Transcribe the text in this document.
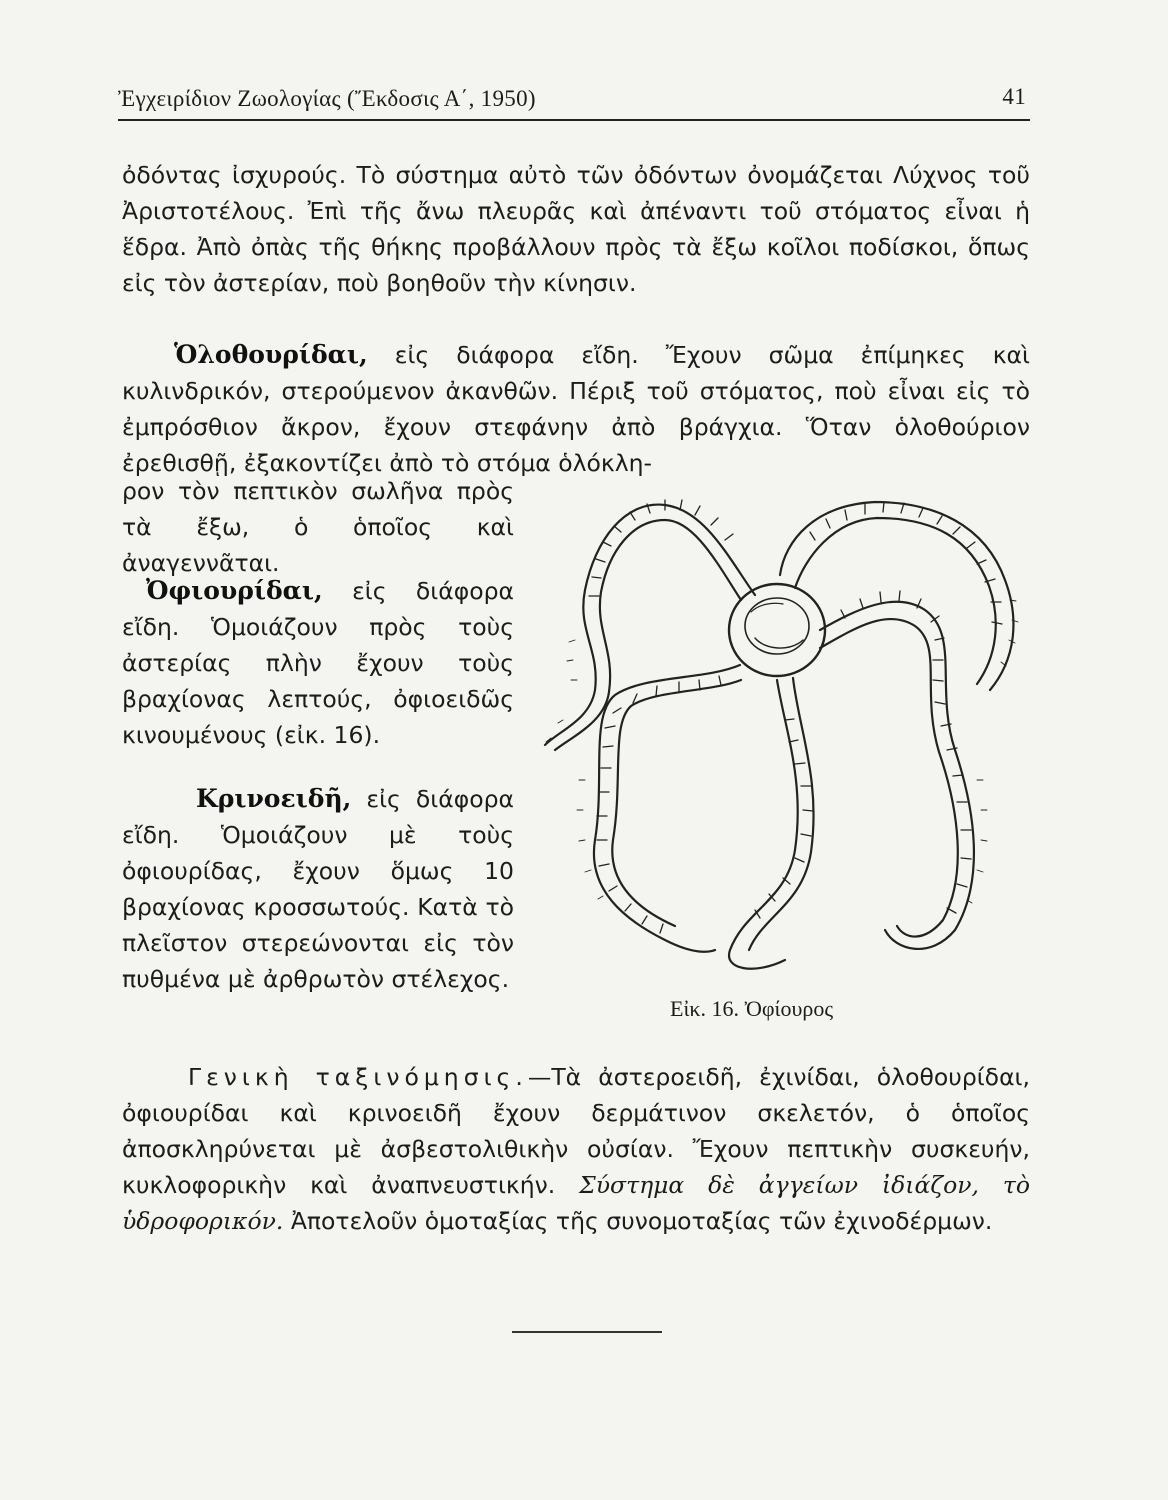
Ἐγχειρίδιον Ζωολογίας (Ἔκδοσις Α΄, 1950)	41

ὀδόντας ἰσχυρούς. Τὸ σύστημα αὐτὸ τῶν ὀδόντων ὀνομάζεται Λύχνος τοῦ Ἀριστοτέλους. Ἐπὶ τῆς ἄνω πλευρᾶς καὶ ἀπέναντι τοῦ στόματος εἶναι ἡ ἕδρα. Ἀπὸ ὀπὰς τῆς θήκης προβάλλουν πρὸς τὰ ἔξω κοῖλοι ποδίσκοι, ὅπως εἰς τὸν ἀστερίαν, ποὺ βοηθοῦν τὴν κίνησιν.

Ὁλοθουρίδαι, εἰς διάφορα εἴδη. Ἔχουν σῶμα ἐπίμηκες καὶ κυλινδρικόν, στερούμενον ἀκανθῶν. Πέριξ τοῦ στόματος, ποὺ εἶναι εἰς τὸ ἐμπρόσθιον ἄκρον, ἔχουν στεφάνην ἀπὸ βράγχια. Ὅταν ὁλοθούριον ἐρεθισθῇ, ἐξακοντίζει ἀπὸ τὸ στόμα ὁλόκλη-

ρον τὸν πεπτικὸν σωλῆνα πρὸς τὰ ἔξω, ὁ ὁποῖος καὶ ἀναγεννᾶται.

Ὀφιουρίδαι, εἰς διάφορα εἴδη. Ὁμοιάζουν πρὸς τοὺς ἀστερίας πλὴν ἔχουν τοὺς βραχίονας λεπτούς, ὀφιοειδῶς κινουμένους (εἰκ. 16).

Κρινοειδῆ, εἰς διάφορα εἴδη. Ὁμοιάζουν μὲ τοὺς ὀφιουρίδας, ἔχουν ὅμως 10 βραχίονας κροσσωτούς. Κατὰ τὸ πλεῖστον στερεώνονται εἰς τὸν πυθμένα μὲ ἀρθρωτὸν στέλεχος.

Γενικὴ ταξινόμησις.—Τὰ ἀστεροειδῆ, ἐχινίδαι, ὁλοθουρίδαι, ὀφιουρίδαι καὶ κρινοειδῆ ἔχουν δερμάτινον σκελετόν, ὁ ὁποῖος ἀποσκληρύνεται μὲ ἀσβεστολιθικὴν οὐσίαν. Ἔχουν πεπτικὴν συσκευήν, κυκλοφορικὴν καὶ ἀναπνευστικήν. Σύστημα δὲ ἀγγείων ἰδιάζον, τὸ ὑδροφορικόν. Ἀποτελοῦν ὁμοταξίας τῆς συνομοταξίας τῶν ἐχινοδέρμων.

Εἰκ. 16. Ὀφίουρος
